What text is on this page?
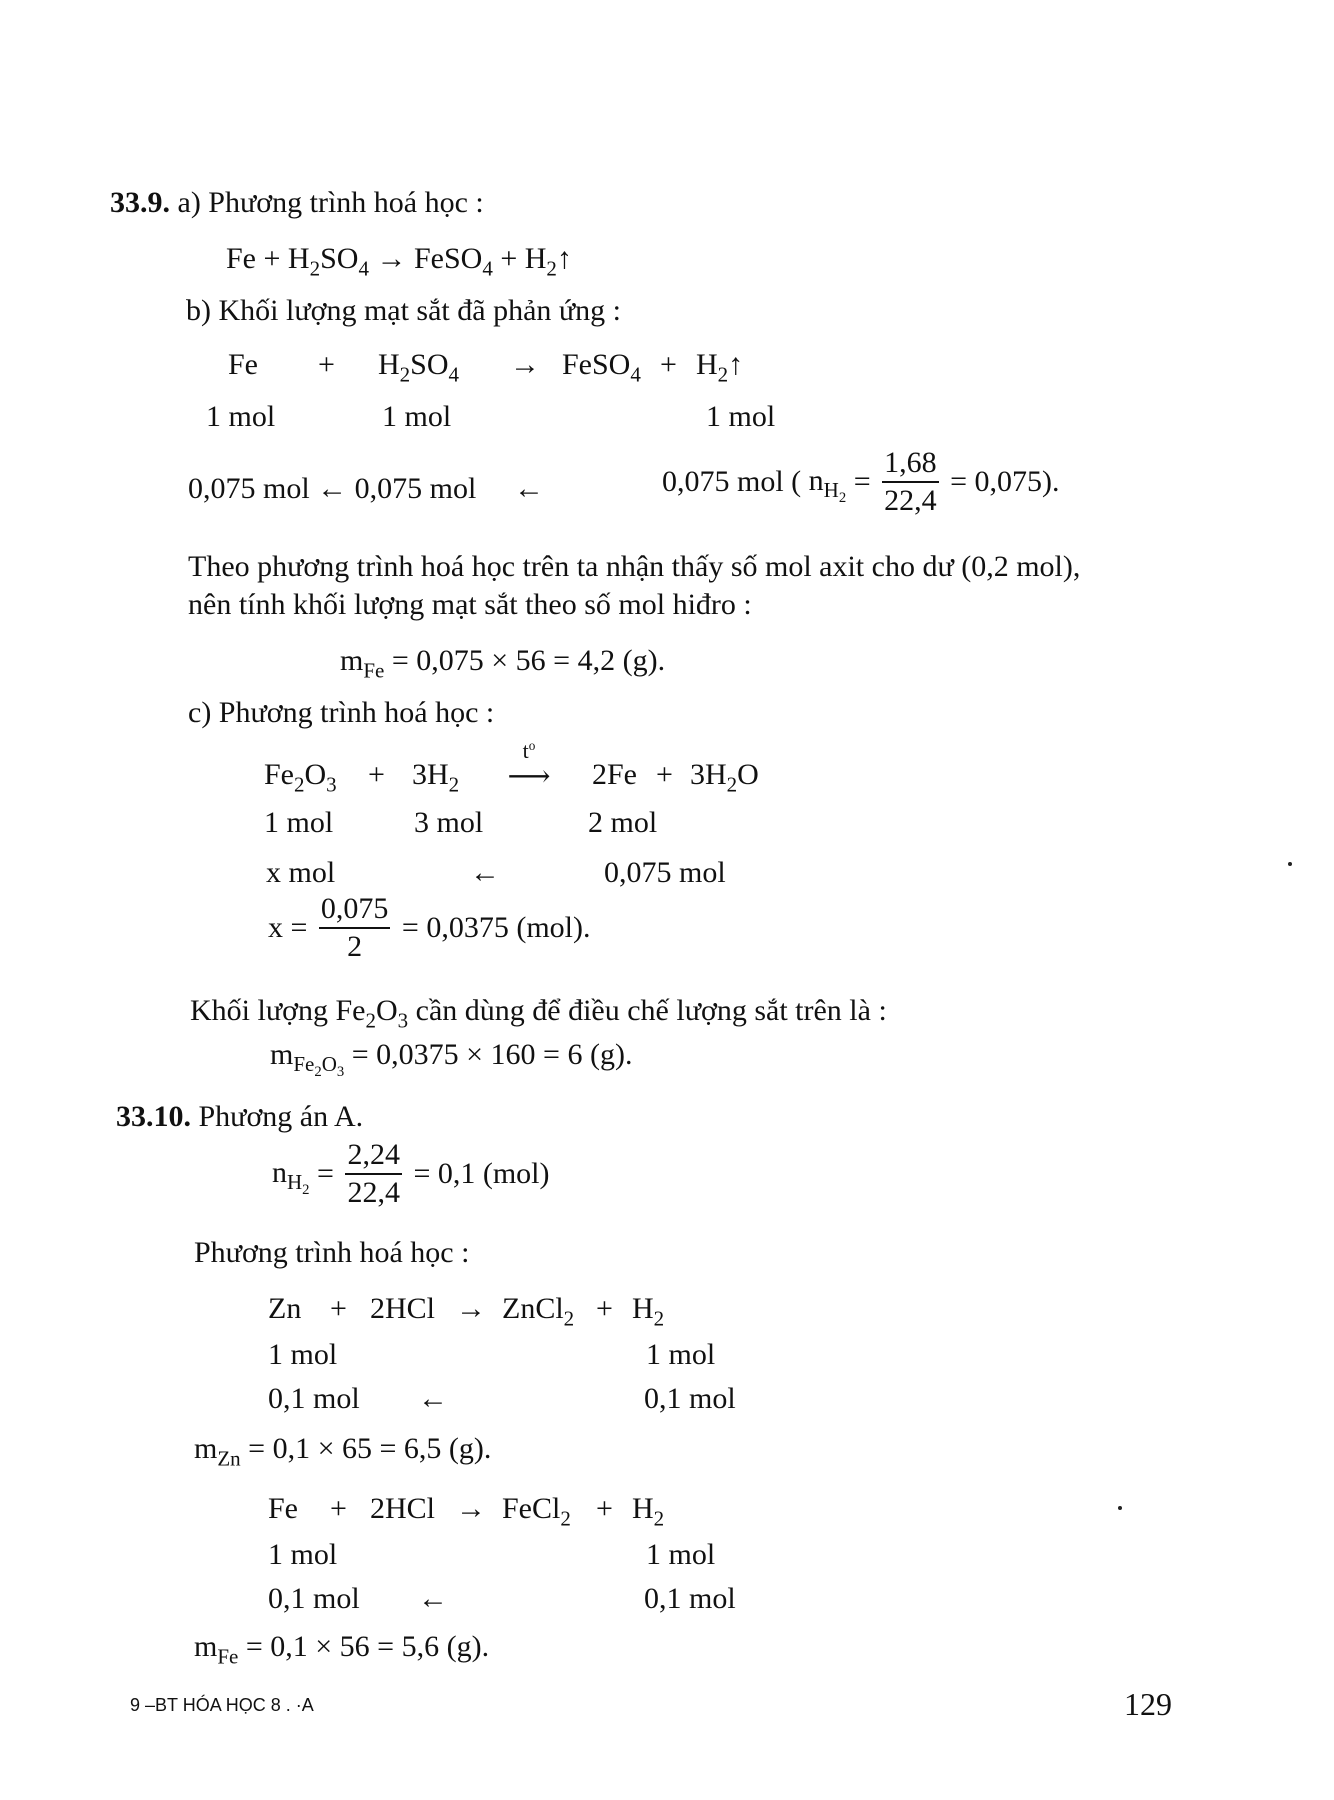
33.9. a) Phương trình hoá học :
$Fe + H_2SO_4$ → FeSO$_4$ + $H_2↑$
b) Khối lượng mạt sắt đã phản ứng :
$Fe + H_2SO_4$ → FeSO$_4$ + $H_2↑$
1 mol	1 mol	1 mol
0,075 mol ← 0,075 mol ←	0,075 mol ( $n_{H_2} = \frac{1,68}{22,4} = 0,075$).
Theo phương trình hoá học trên ta nhận thấy số mol axit cho dư (0,2 mol),
nên tính khối lượng mạt sắt theo số mol hiđro :
$m_{Fe} = 0,075 \times 56 = 4,2$ (g).
c) Phương trình hoá học :
$Fe_2O_3 + 3H_2$
$t^o$
⟶ $2Fe + 3H_2O$
1 mol	3 mol	2 mol
x mol	←	0,075 mol
$x = \frac{0,075}{2} = 0,0375$ (mol).
Khối lượng $Fe_2O_3$ cần dùng để điều chế lượng sắt trên là :
$m_{Fe_2O_3} = 0,0375 \times 160 = 6$ (g).
33.10. Phương án A.
$n_{H_2} = \frac{2,24}{22,4} = 0,1$ (mol)
Phương trình hoá học :
Zn + 2HCl → ZnCl$_2$ + $H_2$
1 mol	1 mol
0,1 mol ←	0,1 mol
$m_{Zn} = 0,1 \times 65 = 6,5$ (g).
Fe + 2HCl → FeCl$_2$ + $H_2$
1 mol	1 mol
0,1 mol ←	0,1 mol
$m_{Fe} = 0,1 \times 56 = 5,6$ (g).
9 –BT HÓA HỌC 8 . ·A	129
